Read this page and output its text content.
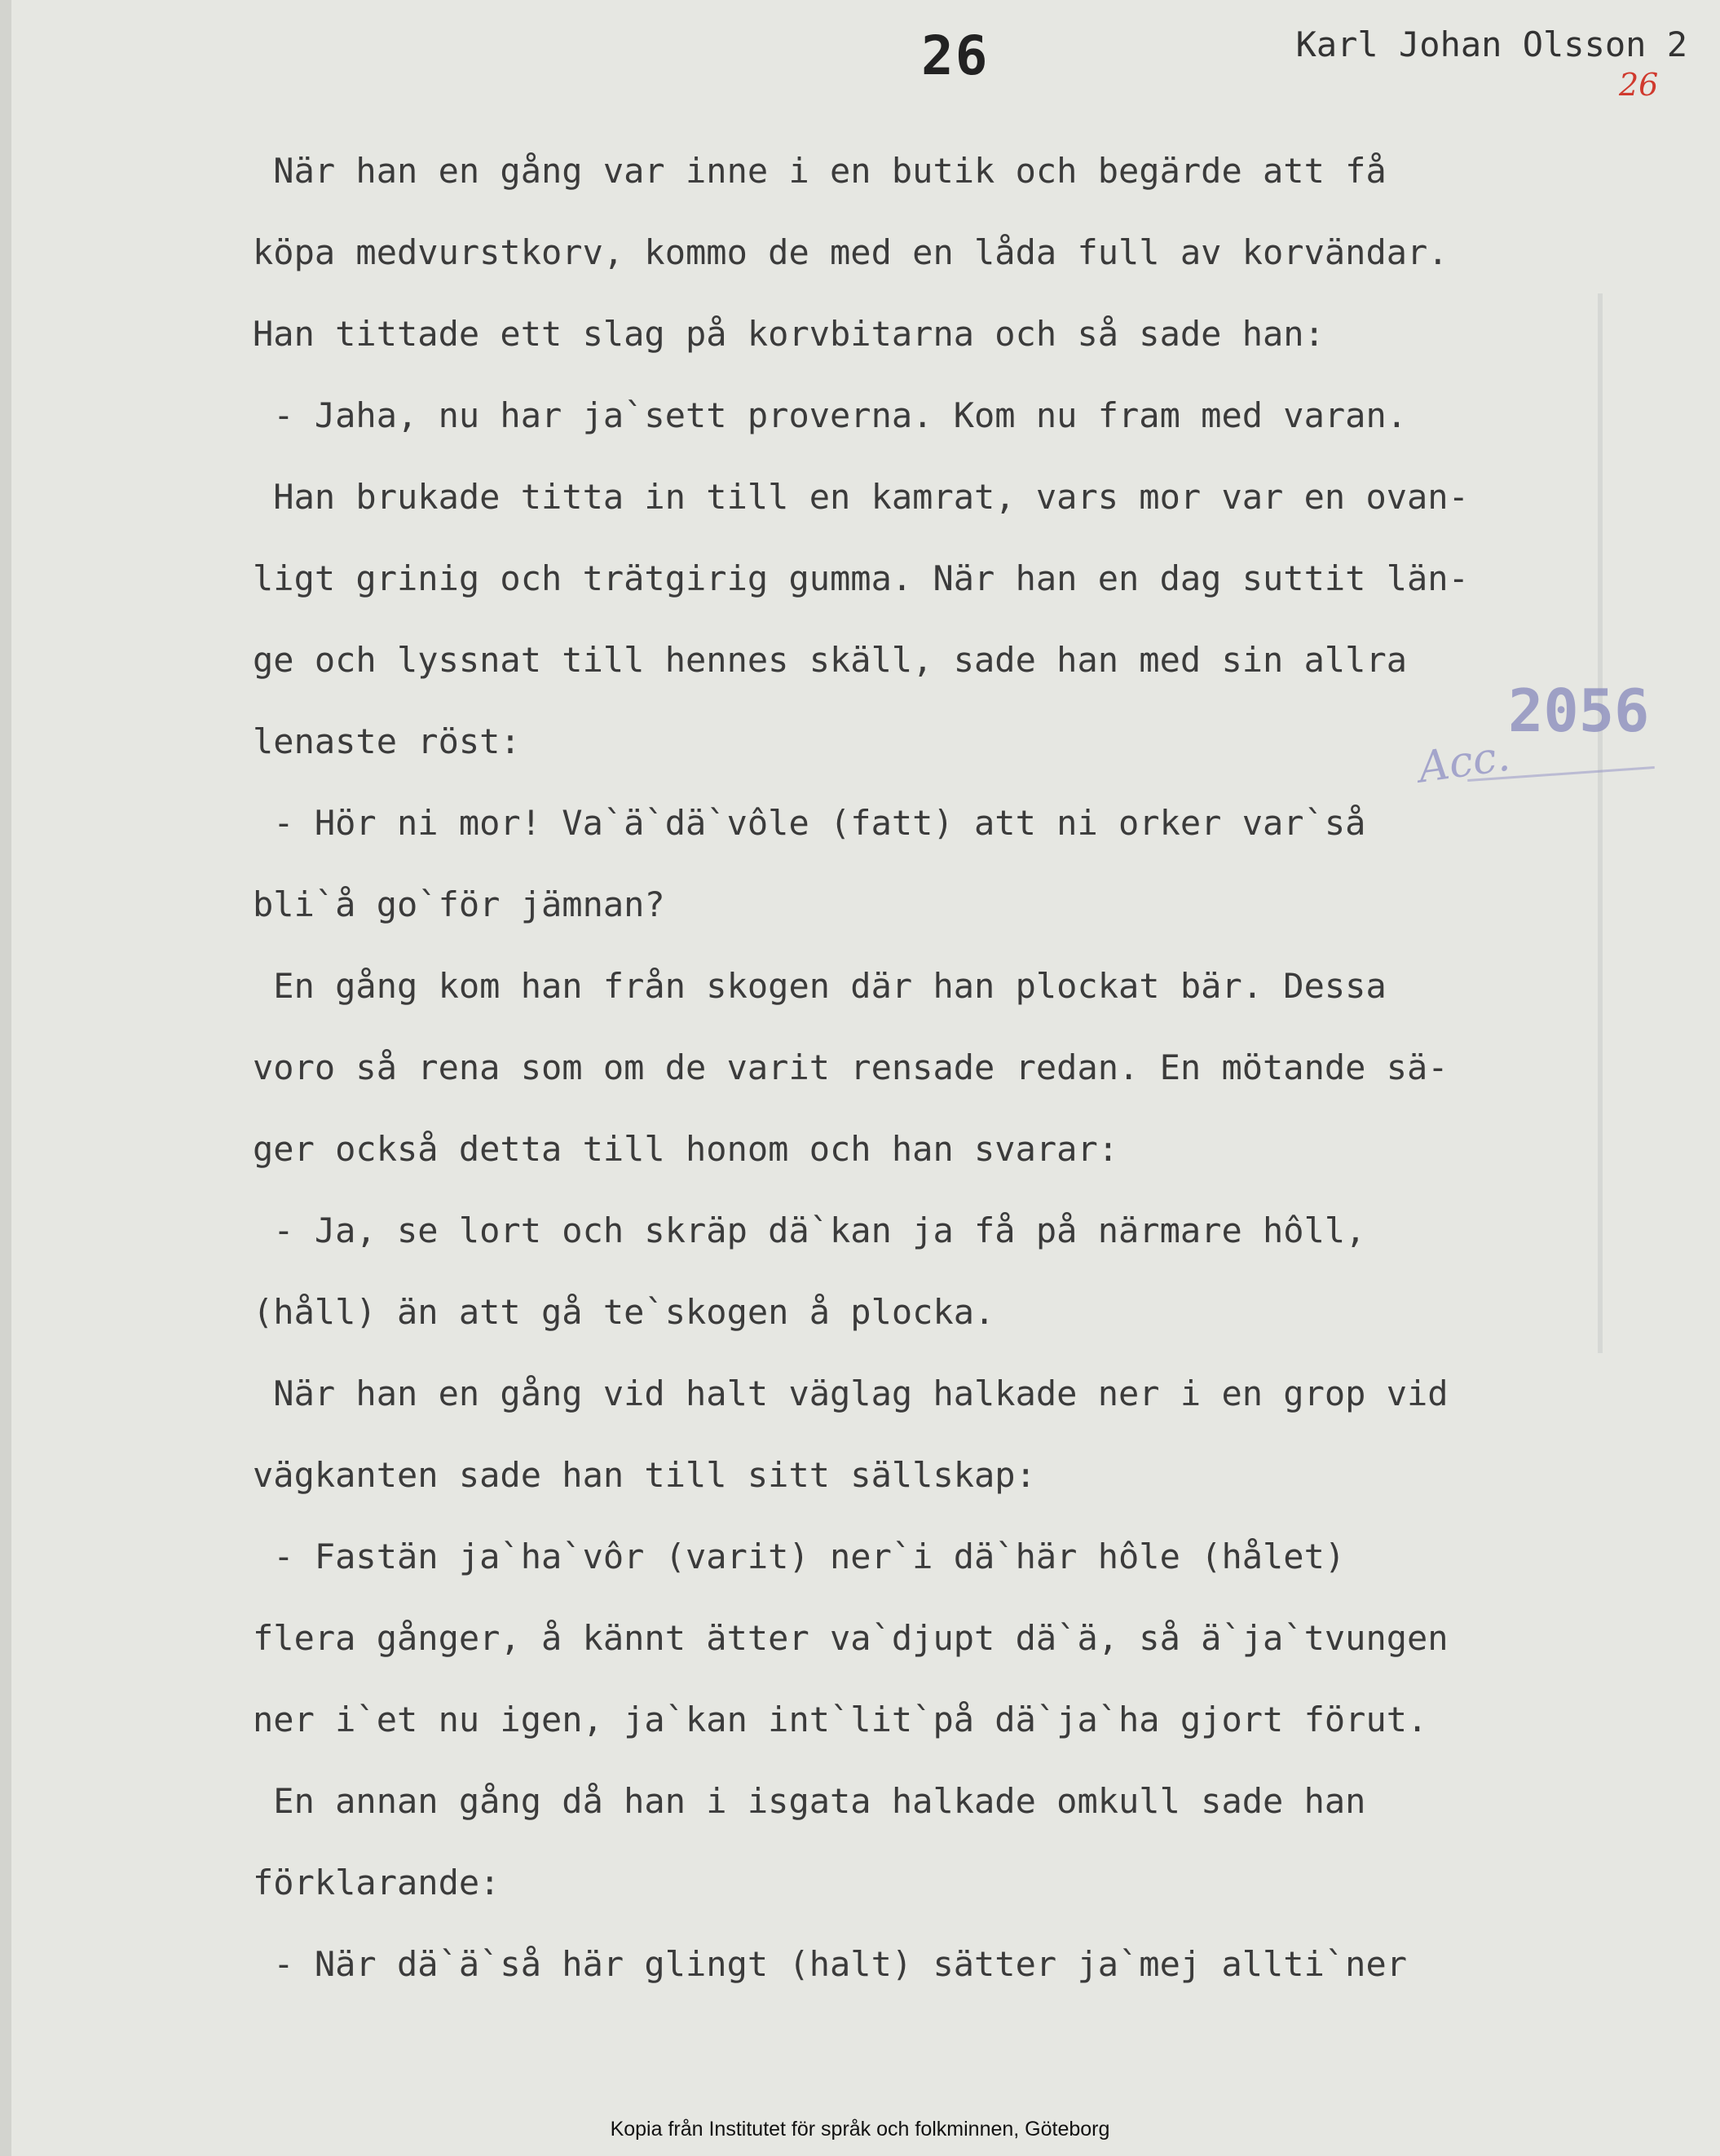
26	Karl Johan Olsson 2
26
När han en gång var inne i en butik och begärde att få
köpa medvurstkorv, kommo de med en låda full av korvändar.
Han tittade ett slag på korvbitarna och så sade han:
- Jaha, nu har ja`sett proverna. Kom nu fram med varan.
Han brukade titta in till en kamrat, vars mor var en ovan-
ligt grinig och trätgirig gumma. När han en dag suttit län-
ge och lyssnat till hennes skäll, sade han med sin allra
lenaste röst:
- Hör ni mor! Va`ä`dä`vôle (fatt) att ni orker var`så
bli`å go`för jämnan?
En gång kom han från skogen där han plockat bär. Dessa
voro så rena som om de varit rensade redan. En mötande sä-
ger också detta till honom och han svarar:
- Ja, se lort och skräp dä`kan ja få på närmare hôll,
(håll) än att gå te`skogen å plocka.
När han en gång vid halt väglag halkade ner i en grop vid
vägkanten sade han till sitt sällskap:
- Fastän ja`ha`vôr (varit) ner`i dä`här hôle (hålet)
flera gånger, å kännt ätter va`djupt dä`ä, så ä`ja`tvungen
ner i`et nu igen, ja`kan int`lit`på dä`ja`ha gjort förut.
En annan gång då han i isgata halkade omkull sade han
förklarande:
- När dä`ä`så här glingt (halt) sätter ja`mej allti`ner
2056
Acc.
Kopia från Institutet för språk och folkminnen, Göteborg
